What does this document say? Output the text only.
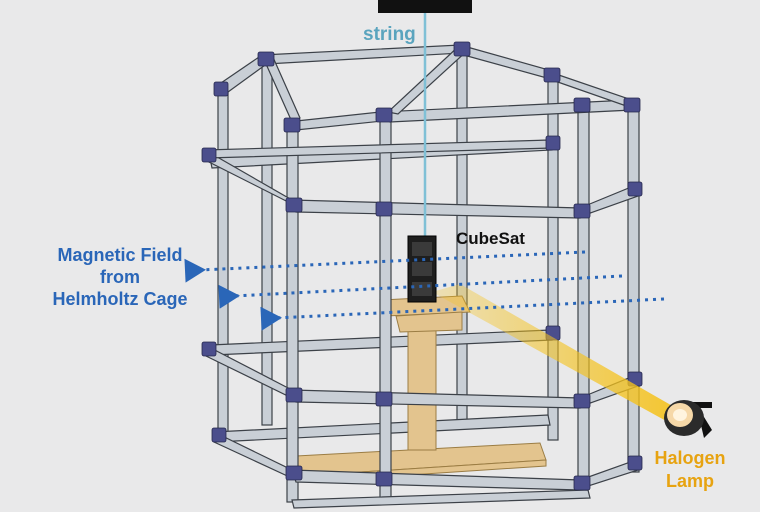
string
CubeSat
Magnetic Field
from
Helmholtz Cage
Halogen
Lamp
